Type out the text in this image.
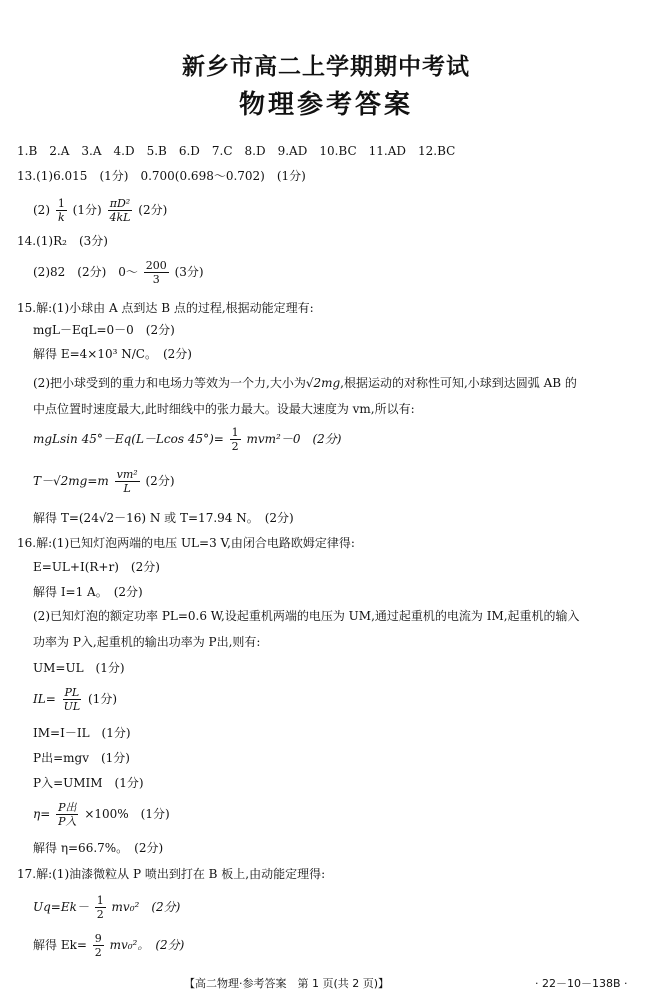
新乡市高二上学期期中考试
物理参考答案
1.B　2.A　3.A　4.D　5.B　6.D　7.C　8.D　9.AD　10.BC　11.AD　12.BC
13.(1)6.015　(1分)　0.700(0.698～0.702)　(1分)
$(2) \frac{1}{k} (1$分) $\frac{\text{πD²}}{4kL} (2$分)
14.(1)R₂　(3分)
(2)82　(2分)　0～ $\frac{200}{3} (3$分)
15.解:(1)小球由 A 点到达 B 点的过程,根据动能定理有:
mgL－EqL=0－0　(2分)
解得 E=4×10³ N/C。　(2分)
(2)把小球受到的重力和电场力等效为一个力,大小为√2mg,根据运动的对称性可知,小球到达圆弧 AB 的
中点位置时速度最大,此时细线中的张力最大。设最大速度为 vm,所以有:
mgLsin 45°－Eq(L－Lcos $45^\circ)= \frac{1}{2} mvm^2-0$　(2分)
$T-√2mg=m \frac{\text{vm²}}{L} (2$分)
解得 T=(24√2－16) N 或 T=17.94 N。　(2分)
16.解:(1)已知灯泡两端的电压 UL=3 V,由闭合电路欧姆定律得:
E=UL+I(R+r)　(2分)
解得 I=1 A。　(2分)
(2)已知灯泡的额定功率 PL=0.6 W,设起重机两端的电压为 UM,通过起重机的电流为 IM,起重机的输入
功率为 P入,起重机的输出功率为 P出,则有:
UM=UL　(1分)
$IL= \frac{PL}{UL} (1$分)
IM=I－IL　(1分)
P出=mgv　(1分)
P入=UMIM　(1分)
$\eta= \frac{\text{P出}}{\text{P入}} \times 100\%$　(1分)
解得 η=66.7%。　(2分)
17.解:(1)油漆微粒从 P 喷出到打在 B 板上,由动能定理得:
$Uq=Ek- \frac{1}{2} mv_0^2$　(2分)
解得 $Ek= \frac{9}{2} mv_0^2$。　(2分)
【高二物理·参考答案　第 1 页(共 2 页)】	· 22－10－138B ·
